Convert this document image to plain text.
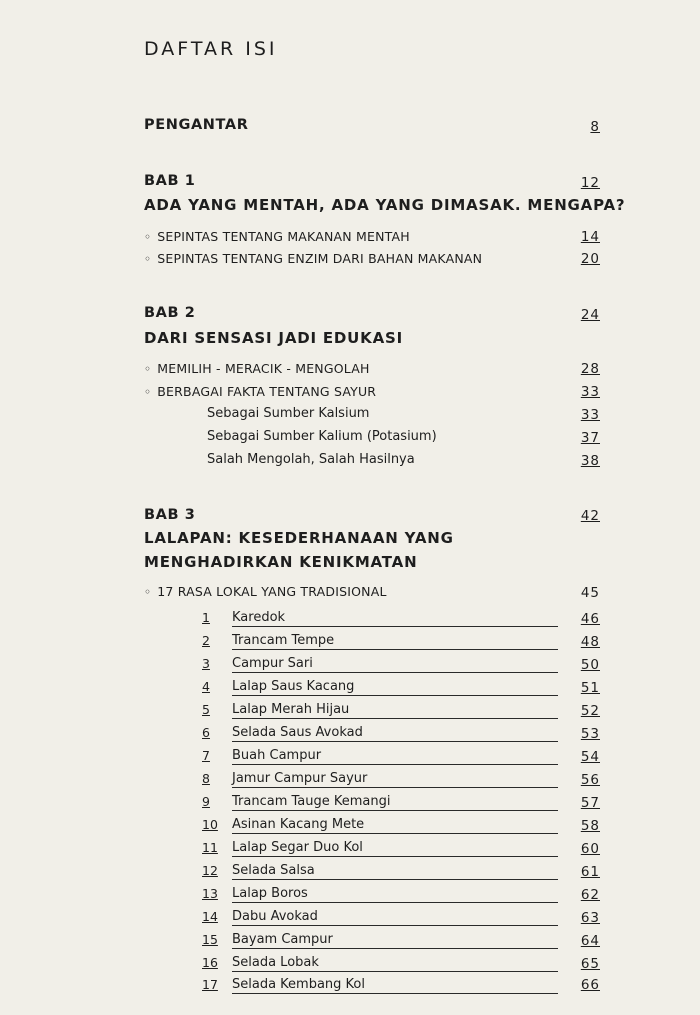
DAFTAR ISI
PENGANTAR	8
BAB 1	12
ADA YANG MENTAH, ADA YANG DIMASAK. MENGAPA?
◦ SEPINTAS TENTANG MAKANAN MENTAH	14
◦ SEPINTAS TENTANG ENZIM DARI BAHAN MAKANAN	20
BAB 2	24
DARI SENSASI JADI EDUKASI
◦ MEMILIH - MERACIK - MENGOLAH	28
◦ BERBAGAI FAKTA TENTANG SAYUR	33
Sebagai Sumber Kalsium	33
Sebagai Sumber Kalium (Potasium)	37
Salah Mengolah, Salah Hasilnya	38
BAB 3	42
LALAPAN: KESEDERHANAAN YANG
MENGHADIRKAN KENIKMATAN
◦ 17 RASA LOKAL YANG TRADISIONAL	45
1	Karedok	46
2	Trancam Tempe	48
3	Campur Sari	50
4	Lalap Saus Kacang	51
5	Lalap Merah Hijau	52
6	Selada Saus Avokad	53
7	Buah Campur	54
8	Jamur Campur Sayur	56
9	Trancam Tauge Kemangi	57
10 Asinan Kacang Mete	58
11 Lalap Segar Duo Kol	60
12 Selada Salsa	61
13 Lalap Boros	62
14 Dabu Avokad	63
15 Bayam Campur	64
16 Selada Lobak	65
17 Selada Kembang Kol	66
